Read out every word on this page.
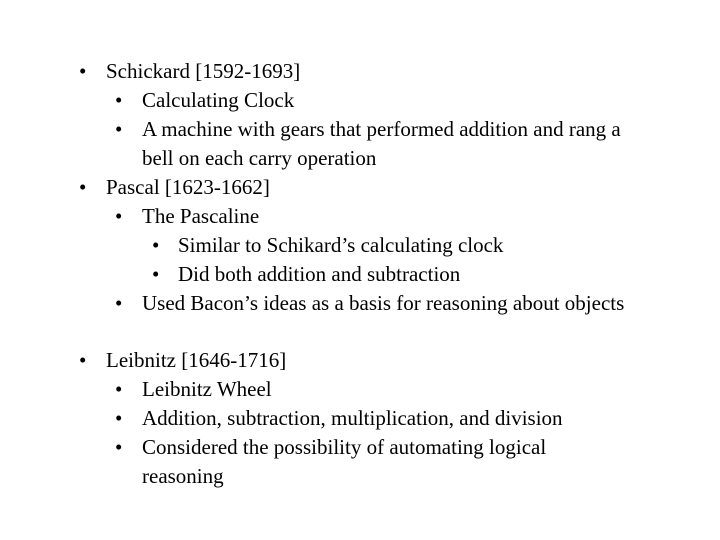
• Schickard [1592-1693]
• Calculating Clock
• A machine with gears that performed addition and rang a bell on each carry operation
• Pascal [1623-1662]
• The Pascaline
• Similar to Schikard’s calculating clock
• Did both addition and subtraction
• Used Bacon’s ideas as a basis for reasoning about objects
• Leibnitz [1646-1716]
• Leibnitz Wheel
• Addition, subtraction, multiplication, and division
• Considered the possibility of automating logical reasoning
